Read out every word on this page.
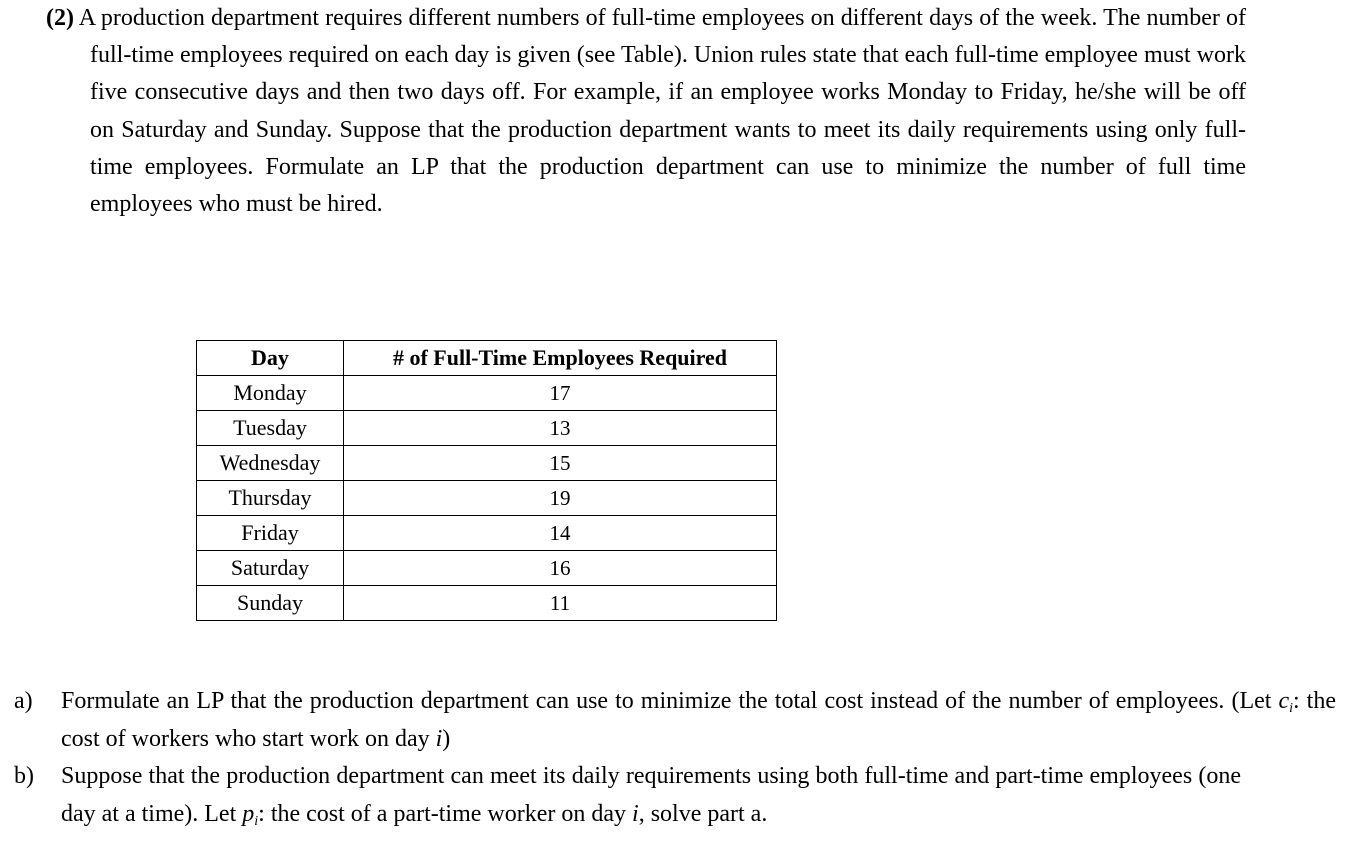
(2) A production department requires different numbers of full-time employees on different days of the week. The number of full-time employees required on each day is given (see Table). Union rules state that each full-time employee must work five consecutive days and then two days off. For example, if an employee works Monday to Friday, he/she will be off on Saturday and Sunday. Suppose that the production department wants to meet its daily requirements using only full-time employees. Formulate an LP that the production department can use to minimize the number of full time employees who must be hired.
Day	# of Full-Time Employees Required
Monday	17
Tuesday	13
Wednesday	15
Thursday	19
Friday	14
Saturday	16
Sunday	11
a) Formulate an LP that the production department can use to minimize the total cost instead of the number of employees. (Let $c_i$: the cost of workers who start work on day i)
b) Suppose that the production department can meet its daily requirements using both full-time and part-time employees (one day at a time). Let $p_i$: the cost of a part-time worker on day i, solve part a.
